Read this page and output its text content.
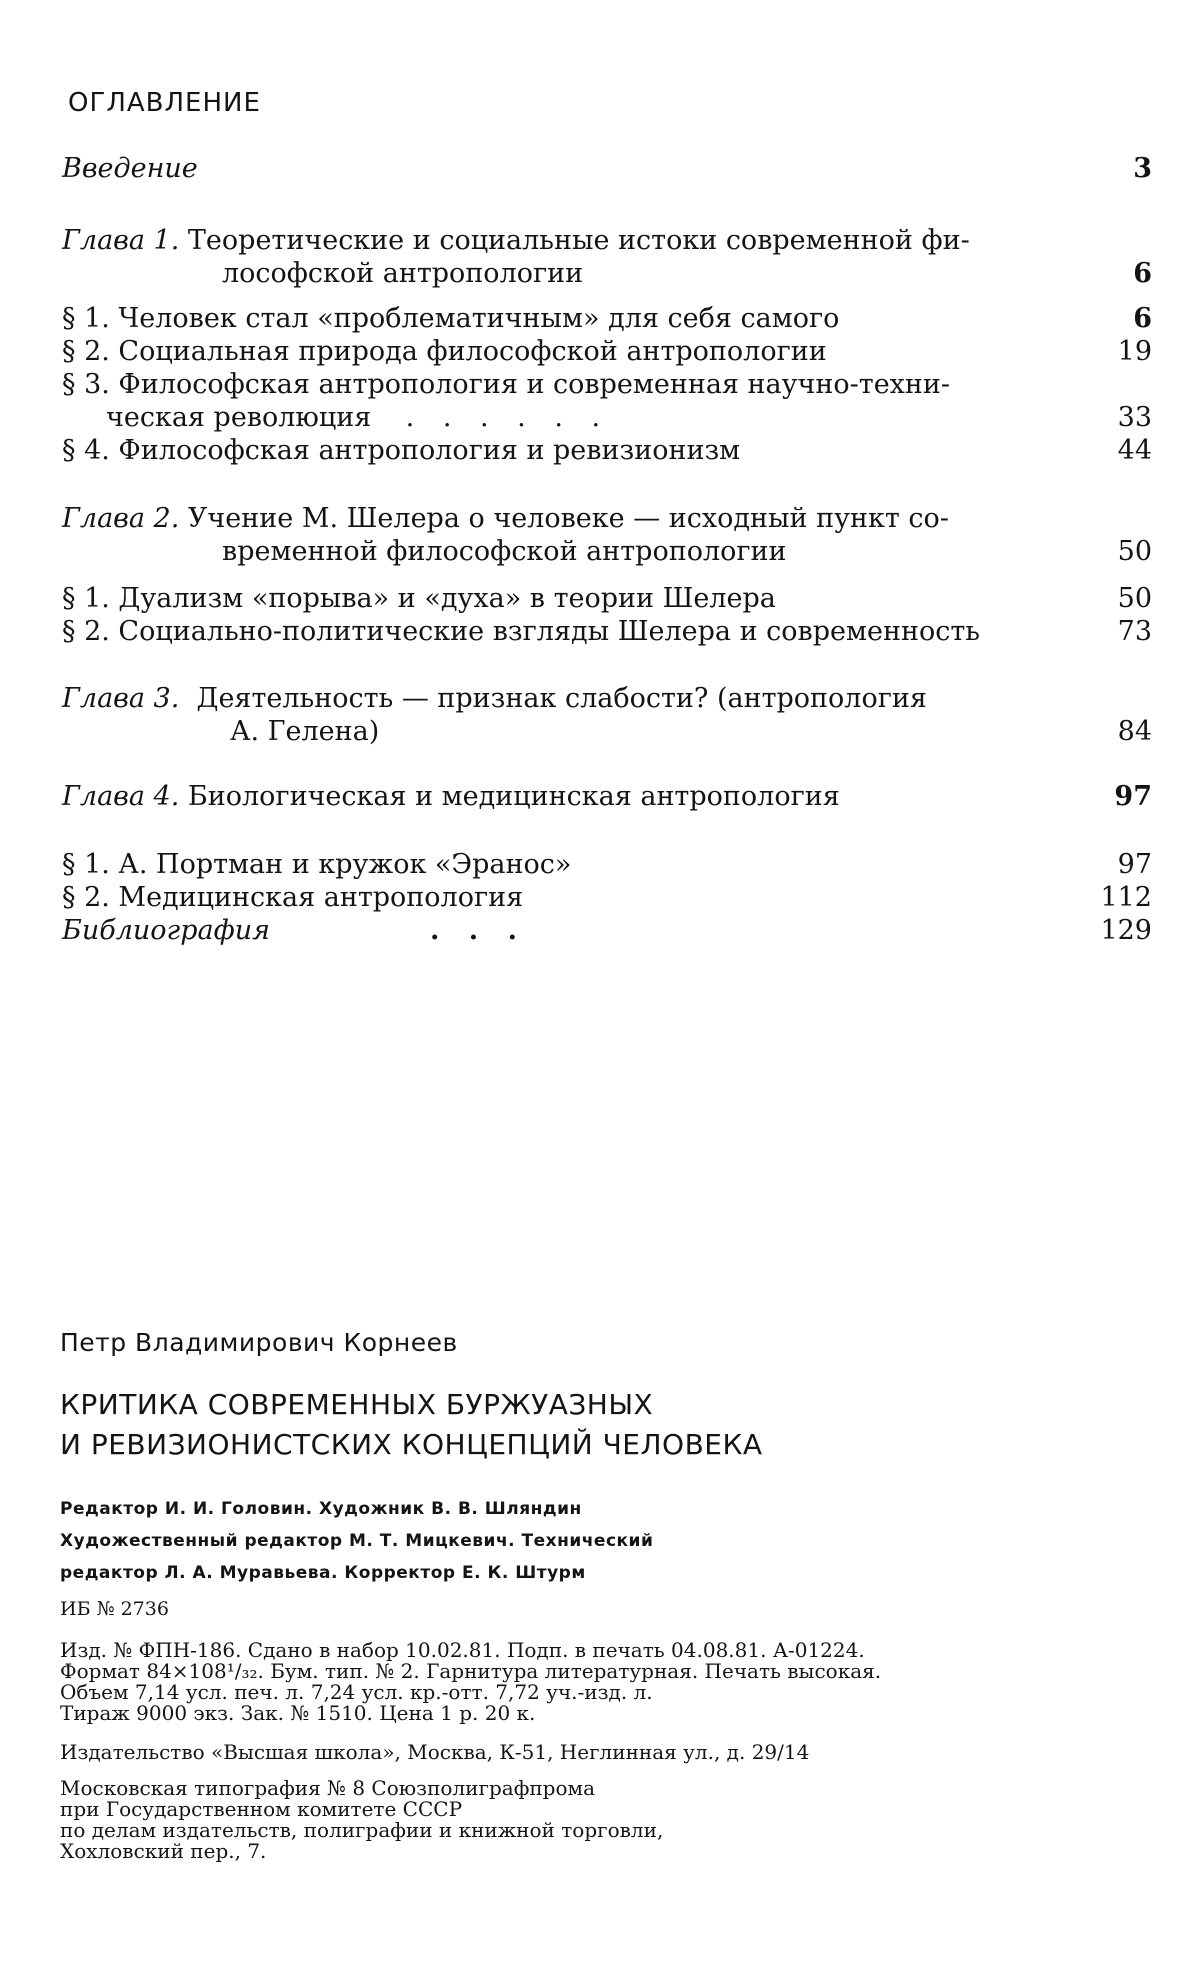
ОГЛАВЛЕНИЕ
Введение	3
Глава 1. Теоретические и социальные истоки современной фи-
лософской антропологии	6
§ 1. Человек стал «проблематичным» для себя самого	6
§ 2. Социальная природа философской антропологии	19
§ 3. Философская антропология и современная научно-техни-
ческая революция . . . . . .	33
§ 4. Философская антропология и ревизионизм	44
Глава 2. Учение М. Шелера о человеке — исходный пункт со-
временной философской антропологии	50
§ 1. Дуализм «порыва» и «духа» в теории Шелера	50
§ 2. Социально-политические взгляды Шелера и современность	73
Глава 3. Деятельность — признак слабости? (антропология
А. Гелена)	84
Глава 4. Биологическая и медицинская антропология	97
§ 1. А. Портман и кружок «Эранос»	97
§ 2. Медицинская антропология	112
Библиография	. . .	129
Петр Владимирович Корнеев
КРИТИКА СОВРЕМЕННЫХ БУРЖУАЗНЫХ
И РЕВИЗИОНИСТСКИХ КОНЦЕПЦИЙ ЧЕЛОВЕКА
Редактор И. И. Головин. Художник В. В. Шляндин
Художественный редактор М. Т. Мицкевич. Технический
редактор Л. А. Муравьева. Корректор Е. К. Штурм
ИБ № 2736
Изд. № ФПН-186. Сдано в набор 10.02.81. Подп. в печать 04.08.81. А-01224.
Формат 84×108¹/₃₂. Бум. тип. № 2. Гарнитура литературная. Печать высокая.
Объем 7,14 усл. печ. л. 7,24 усл. кр.-отт. 7,72 уч.-изд. л.
Тираж 9000 экз. Зак. № 1510. Цена 1 р. 20 к.
Издательство «Высшая школа», Москва, К-51, Неглинная ул., д. 29/14
Московская типография № 8 Союзполиграфпрома
при Государственном комитете СССР
по делам издательств, полиграфии и книжной торговли,
Хохловский пер., 7.
